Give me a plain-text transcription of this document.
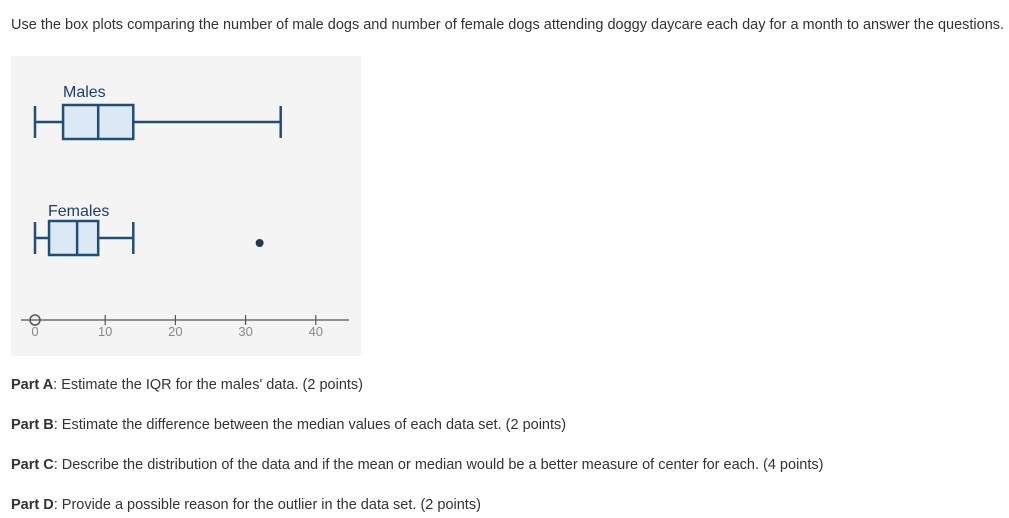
Use the box plots comparing the number of male dogs and number of female dogs attending doggy daycare each day for a month to answer the questions.

Males
Females
0	10	20	30	40

Part A: Estimate the IQR for the males' data. (2 points)

Part B: Estimate the difference between the median values of each data set. (2 points)

Part C: Describe the distribution of the data and if the mean or median would be a better measure of center for each. (4 points)

Part D: Provide a possible reason for the outlier in the data set. (2 points)
